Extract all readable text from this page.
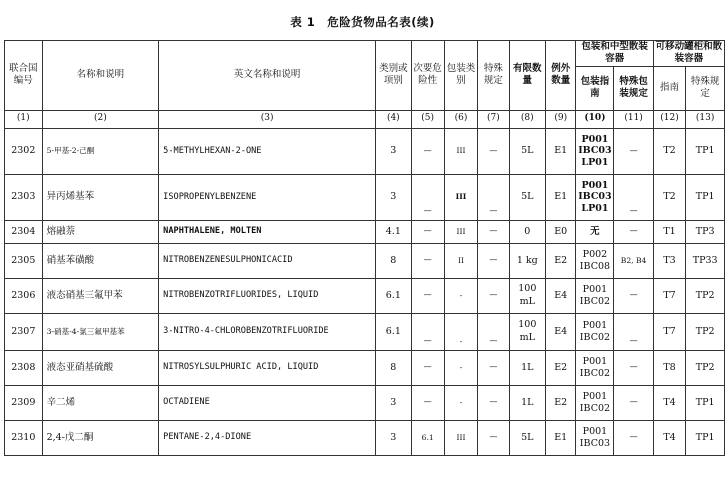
表 1　危险货物品名表(续)
联合国编号	名称和说明	英文名称和说明	类别或项别	次要危险性	包装类别	特殊规定	有限数量	例外数量	包装和中型散装容器		可移动罐柜和散装容器	
									包装指南	特殊包装规定	指南	特殊规定
(1)	(2)	(3)	(4)	(5)	(6)	(7)	(8)	(9)	(10)	(11)	(12)	(13)
2302	5-甲基-2-己酮	5-METHYLHEXAN-2-ONE	3	—	III	—	5L	E1	P001
IBC03
LP01	—	T2	TP1
2303	异丙烯基苯	ISOPROPENYLBENZENE	3	—	III	—	5L	E1	P001
IBC03
LP01	—	T2	TP1
2304	熔融萘	NAPHTHALENE, MOLTEN	4.1	—	III	—	0	E0	无	—	T1	TP3
2305	硝基苯磺酸	NITROBENZENESULPHONICACID	8	—	II	—	1 kg	E2	P002
IBC08	B2, B4	T3	TP33
2306	液态硝基三氟甲苯	NITROBENZOTRIFLUORIDES, LIQUID	6.1	—	-	—	100 mL	E4	P001
IBC02	—	T7	TP2
2307	3-硝基-4-氯三氟甲基苯	3-NITRO-4-CHLOROBENZOTRIFLUORIDE	6.1	—	-	—	100 mL	E4	P001
IBC02	—	T7	TP2
2308	液态亚硝基硫酸	NITROSYLSULPHURIC ACID, LIQUID	8	—	-	—	1L	E2	P001
IBC02	—	T8	TP2
2309	辛二烯	OCTADIENE	3	—	-	—	1L	E2	P001
IBC02	—	T4	TP1
2310	2,4-戊二酮	PENTANE-2,4-DIONE	3	6.1	III	—	5L	E1	P001
IBC03	—	T4	TP1
